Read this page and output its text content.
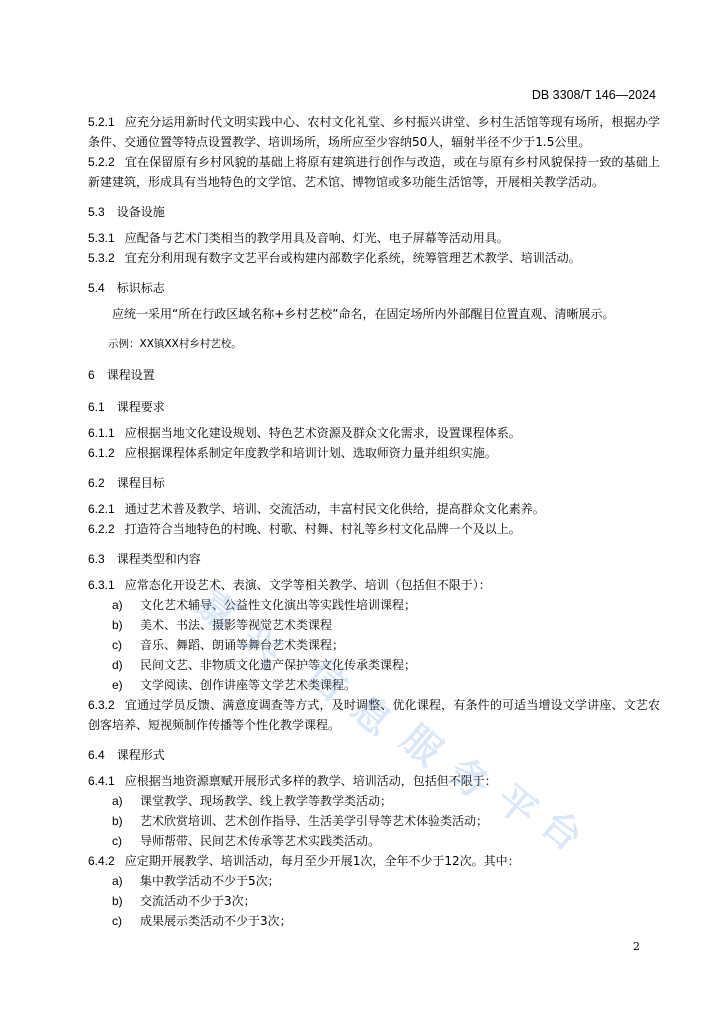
DB 3308/T 146—2024

5.2.1 应充分运用新时代文明实践中心、农村文化礼堂、乡村振兴讲堂、乡村生活馆等现有场所，根据办学条件、交通位置等特点设置教学、培训场所，场所应至少容纳50人，辐射半径不少于1.5公里。

5.2.2 宜在保留原有乡村风貌的基础上将原有建筑进行创作与改造，或在与原有乡村风貌保持一致的基础上新建建筑，形成具有当地特色的文学馆、艺术馆、博物馆或多功能生活馆等，开展相关教学活动。

5.3 设备设施

5.3.1 应配备与艺术门类相当的教学用具及音响、灯光、电子屏幕等活动用具。

5.3.2 宜充分利用现有数字文艺平台或构建内部数字化系统，统筹管理艺术教学、培训活动。

5.4 标识标志

应统一采用“所在行政区域名称+乡村艺校”命名，在固定场所内外部醒目位置直观、清晰展示。

示例：XX镇XX村乡村艺校。

6 课程设置

6.1 课程要求

6.1.1 应根据当地文化建设规划、特色艺术资源及群众文化需求，设置课程体系。

6.1.2 应根据课程体系制定年度教学和培训计划、选取师资力量并组织实施。

6.2 课程目标

6.2.1 通过艺术普及教学、培训、交流活动，丰富村民文化供给，提高群众文化素养。

6.2.2 打造符合当地特色的村晚、村歌、村舞、村礼等乡村文化品牌一个及以上。

6.3 课程类型和内容

6.3.1 应常态化开设艺术、表演、文学等相关教学、培训（包括但不限于）：

a) 文化艺术辅导、公益性文化演出等实践性培训课程；
b) 美术、书法、摄影等视觉艺术类课程
c) 音乐、舞蹈、朗诵等舞台艺术类课程；
d) 民间文艺、非物质文化遗产保护等文化传承类课程；
e) 文学阅读、创作讲座等文学艺术类课程。

6.3.2 宜通过学员反馈、满意度调查等方式，及时调整、优化课程，有条件的可适当增设文学讲座、文艺农创客培养、短视频制作传播等个性化教学课程。

6.4 课程形式

6.4.1 应根据当地资源禀赋开展形式多样的教学、培训活动，包括但不限于：

a) 课堂教学、现场教学、线上教学等教学类活动；
b) 艺术欣赏培训、艺术创作指导、生活美学引导等艺术体验类活动；
c) 导师帮带、民间艺术传承等艺术实践类活动。

6.4.2 应定期开展教学、培训活动，每月至少开展1次，全年不少于12次。其中：

a) 集中教学活动不少于5次；
b) 交流活动不少于3次；
c) 成果展示类活动不少于3次；
嘉
兴
信
息
服
务
平
台
2
